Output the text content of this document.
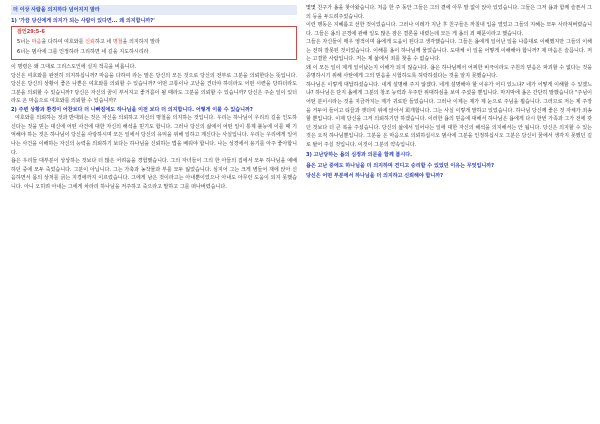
더 이상 사람을 의지하다 넘어지지 말라

1) '가끔 당신에게 의지가 되는 사람이 있다면... 왜 의지합니까?'

잠언29:5-6
5너는 마음을 다하여 여호와를 신뢰하고 네 명철을 의지하지 말라
6너는 범사에 그를 인정하라 그리하면 네 길을 지도하시리라

이 명령은 왜 그대로 그리스도인에 실지 적곡을 비롭니다.

당신은 여호와를 완전히 의지하십니까? 마음을 다하여 라는 말은 당신의 모든 것으로 당신의 전부로 그분을 의뢰한다는 뜻입니다. 당신은 당신의 상황이 좋은 나쁜은 여호와를 의뢰할 수 있습니까? 어떤 고통이나 고난을 견더야 하더라도 어떤 시련을 당하더라도 그분을 의뢰할 수 있습니까? 당신은 자신의 꿈이 부서지고 좋거름이 될 때라도 그분을 의뢰할 수 있습니까? 당신은 주순 일이 있더라도 온 마음으로 여호와를 의뢰할 수 있습니까?

2) 주변 상황과 환경이 어찬보다 더 나빠짐에도 하나님을 이전 보다 더 의지합니다. 어떻게 이룰 수 있습니까?

여호와를 의뢰하는 것과 반대되는 것은 자신을 의뢰하고 자신의 명철을 의지하는 것입니다. 우리는 하나님이 우리의 길을 인도하신다는 것을 믿는 대신에 어떤 사건에 대한 자신의 해석을 믿기도 합니다. 그러나 당신의 삶에서 어떤 일이 통제 불능에 이를 때 기억해야 하는 것은 하나님이 당신을 사랑하시며 모든 일에서 당신의 유익을 위해 일하고 계신다는 사실입니다. 우리는 우리에게 일어나는 사건을 이해하는 자신의 능력을 의뢰하기 보다는 하나님을 신뢰하는 법을 배워야 합니다. 나는 성경에서 용기를 아주 좋아합니다.

욥은 우리들 대부분이 상상하는 것보다 더 많은 어려움을 경험했습니다. 그의 자녀들이 그의 한 아들의 집에서 모두 하나님을 예배하던 중에 모두 죽었습니다. 그분이 아닙니다. 그는 가축과 농작물과 부를 모두 잃었습니다. 심지어 그는 크게 병들어 재에 앉아 신음하면서 몸의 상처를 긁는 지경에까지 이르렀습니다. 그에게 남은 것이라고는 아내뿐이었으나 아내도 아무런 도움이 되지 못했습니다. 아니 오히려 아내는 그에게 차라리 하나님을 저주하고 죽으라고 말하고 그를 떠나버렸습니다.

몇몇 친구가 욥을 찾아왔습니다. 처음 한 주 동안 그들은 그의 곁에 아무 말 없이 앉아 있었습니다. 그들은 그저 욥과 함께 슬픈서 그의 등을 두드려주었습니다.

이런 행동은 지혜롭고 선한 것이었습니다. 그러나 이레가 지난 후 친구들은 까칠내 입을 열었고 그들의 지혜는 모두 사라져버렸습니다. 그들은 욥의 곤경에 관해 일도 많은 잠은 결론을 내렸는데 모든 게 욥의 죄 때문이라고 했습니다.

그들은 자신들이 매우 영적이며 욥에게 도움이 된다고 생각했습니다. 그들은 욥에게 일어난 일을 나름대로 이해했지만 그들의 이해는 전혀 잘못된 것이었습니다. 이해를 욥이 하나님께 물었습니다. 도대체 이 일을 어떻게 이해해야 합니까? 제 마음은 슬픔니다. 저는 고결한 사람입니다. 저는 제 삶에서 죄를 찾을 수 없습니다.

왜 이 모든 일이 제게 일어났는지 이해가 되지 않습니다. 욥은 하나님께서 어찌한 비극이라도 구원의 믿음은 파괴할 수 없다는 것을 증명하시기 위해 사탄에게 그의 믿음을 시험하도록 허락하셨다는 것을 알지 못했습니다.

하나님은 이렇게 대답하셨습니다. 내게 설명해 주지 않겠다. 네게 설명해야 할 이유가 어디 있느냐? 네가 어떻게 이해할 수 있겠느냐? 하나님은 단지 욥에게 그분의 창조 능력과 우주만 위대하심을 보여 주셨을 뿐입니다. 마지막에 욥은 간단히 말했습니다 "주님이 어떤 분이시라는 것을 지금까지는 제가 귀로만 들었습니다. 그러나 이제는 제가 제 눈으로 주님을 뵙습니다. 그러므로 저는 제 주장을 거두어 들이고 티끌과 잿더미 위에 앉아서 회개합니다. 그는 사실 이렇게 말하고 있었습니다. 하나님 당신께 좋은 것 자체가 죄송할 뿐입니다. 이제 당신을 그저 의뢰하기만 하겠습니다. 이러한 욥의 믿음에 대해서 하나님은 욥에게 다시 한번 가족과 그가 전에 갖던 것보다 더 큰 복을 주셨습니다. 당신의 삶에서 일어나는 일에 대한 자신의 해석을 의지해서는 안 됩니다. 당신은 의지할 수 있는 것은 오직 하나님뿐입니다. 그분을 온 마음으로 의뢰하십시오 범사에 그분을 인정하십시오 그분은 당신이 꿈에서 생각지 못했던 길로 탈어 주실 것입니다. 이것이 그분의 약속입니다.

3) 고난당하는 욥의 심정과 의문을 함께 봅시다.

욥은 고난 중에도 하나님을 더 의지하며 견디고 승리할 수 있었던 이유는 무엇입니까?

당신은 어떤 부분에서 하나님을 더 의지하고 신뢰해야 합니까?
